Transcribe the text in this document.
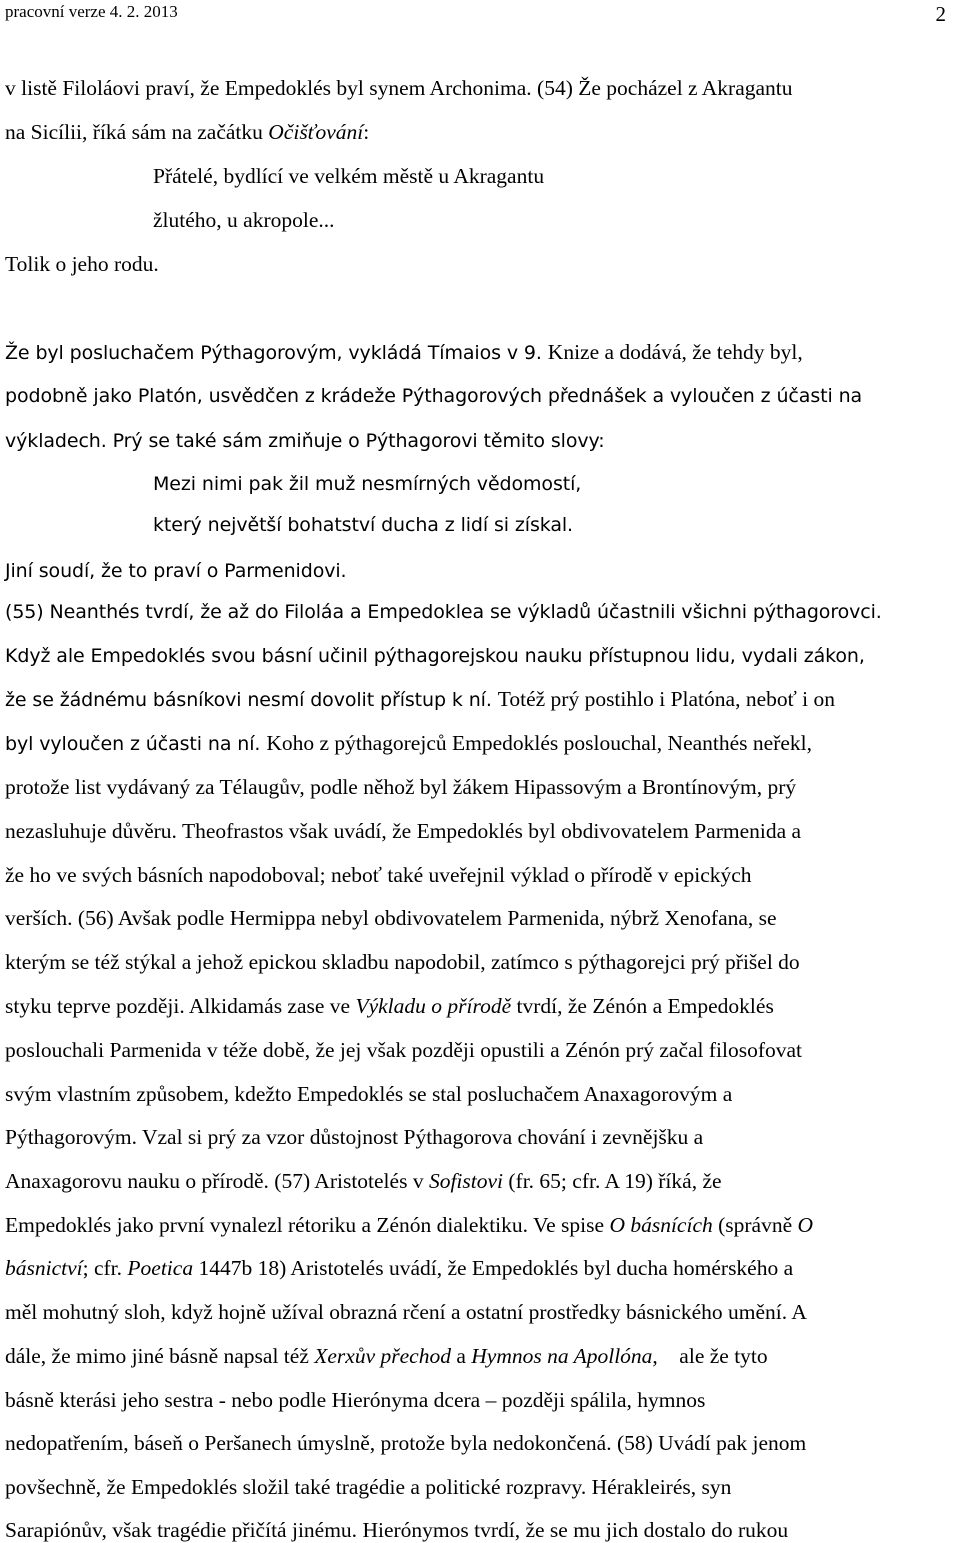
pracovní verze 4. 2. 2013	2
v listě Filoláovi praví, že Empedoklés byl synem Archonima. (54) Že pocházel z Akragantu
na Sicílii, říká sám na začátku Očišťování:
Přátelé, bydlící ve velkém městě u Akragantu
žlutého, u akropole...
Tolik o jeho rodu.
Že byl posluchačem Pýthagorovým, vykládá Tímaios v 9. Knize a dodává, že tehdy byl,
podobně jako Platón, usvědčen z krádeže Pýthagorových přednášek a vyloučen z účasti na
výkladech. Prý se také sám zmiňuje o Pýthagorovi těmito slovy:
Mezi nimi pak žil muž nesmírných vědomostí,
který největší bohatství ducha z lidí si získal.
Jiní soudí, že to praví o Parmenidovi.
(55) Neanthés tvrdí, že až do Filoláa a Empedoklea se výkladů účastnili všichni pýthagorovci.
Když ale Empedoklés svou básní učinil pýthagorejskou nauku přístupnou lidu, vydali zákon,
že se žádnému básníkovi nesmí dovolit přístup k ní. Totéž prý postihlo i Platóna, neboť i on
byl vyloučen z účasti na ní. Koho z pýthagorejců Empedoklés poslouchal, Neanthés neřekl,
protože list vydávaný za Télaugův, podle něhož byl žákem Hipassovým a Brontínovým, prý
nezasluhuje důvěru. Theofrastos však uvádí, že Empedoklés byl obdivovatelem Parmenida a
že ho ve svých básních napodoboval; neboť také uveřejnil výklad o přírodě v epických
verších. (56) Avšak podle Hermippa nebyl obdivovatelem Parmenida, nýbrž Xenofana, se
kterým se též stýkal a jehož epickou skladbu napodobil, zatímco s pýthagorejci prý přišel do
styku teprve později. Alkidamás zase ve Výkladu o přírodě tvrdí, že Zénón a Empedoklés
poslouchali Parmenida v téže době, že jej však později opustili a Zénón prý začal filosofovat
svým vlastním způsobem, kdežto Empedoklés se stal posluchačem Anaxagorovým a
Pýthagorovým. Vzal si prý za vzor důstojnost Pýthagorova chování i zevnějšku a
Anaxagorovu nauku o přírodě. (57) Aristotelés v Sofistovi (fr. 65; cfr. A 19) říká, že
Empedoklés jako první vynalezl rétoriku a Zénón dialektiku. Ve spise O básnících (správně O
básnictví; cfr. Poetica 1447b 18) Aristotelés uvádí, že Empedoklés byl ducha homérského a
měl mohutný sloh, když hojně užíval obrazná rčení a ostatní prostředky básnického umění. A
dále, že mimo jiné básně napsal též Xerxův přechod a Hymnos na Apollóna,    ale že tyto
básně kterási jeho sestra - nebo podle Hierónyma dcera – později spálila, hymnos
nedopatřením, báseň o Peršanech úmyslně, protože byla nedokončená. (58) Uvádí pak jenom
povšechně, že Empedoklés složil také tragédie a politické rozpravy. Hérakleirés, syn
Sarapiónův, však tragédie přičítá jinému. Hierónymos tvrdí, že se mu jich dostalo do rukou
